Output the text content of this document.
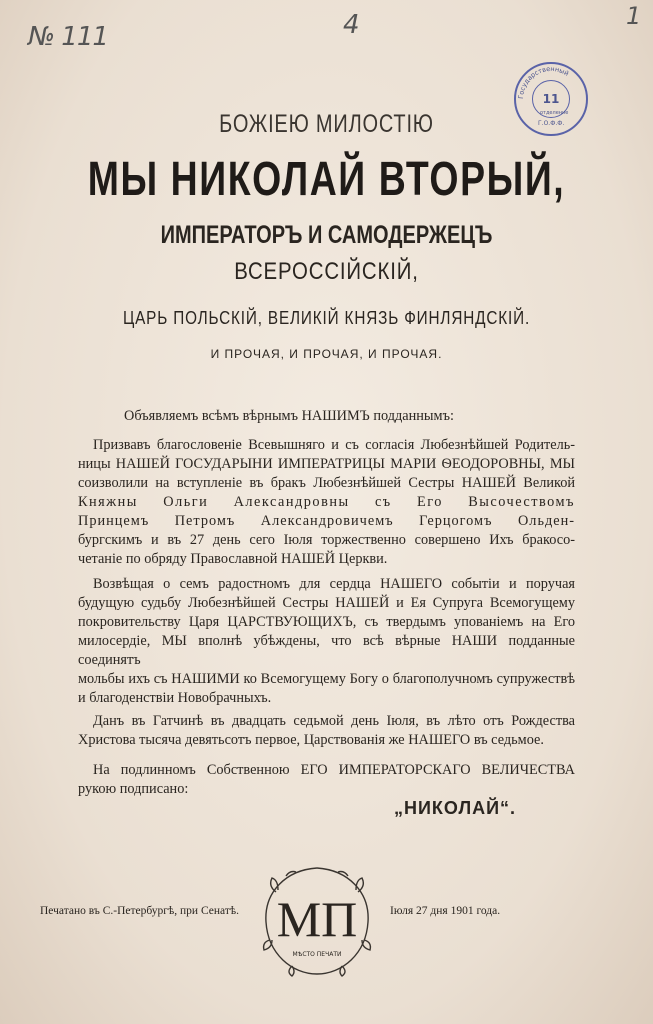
№ 111	4	1
Государственный
11
Г.О.Ф.Ф.
отделение
БОЖІЕЮ МИЛОСТІЮ
МЫ НИКОЛАЙ ВТОРЫЙ,
ИМПЕРАТОРЪ И САМОДЕРЖЕЦЪ
ВСЕРОССІЙСКІЙ,
ЦАРЬ ПОЛЬСКІЙ, ВЕЛИКІЙ КНЯЗЬ ФИНЛЯНДСКІЙ.
И ПРОЧАЯ, И ПРОЧАЯ, И ПРОЧАЯ.
Объявляемъ всѣмъ вѣрнымъ НАШИМЪ подданнымъ:
Призвавъ благословеніе Всевышняго и съ согласія Любезнѣйшей Родитель-
ницы НАШЕЙ ГОСУДАРЫНИ ИМПЕРАТРИЦЫ МАРІИ ѲЕОДОРОВНЫ, МЫ
соизволили на вступленіе въ бракъ Любезнѣйшей Сестры НАШЕЙ Великой
Княжны Ольги Александровны съ Его Высочествомъ
Принцемъ Петромъ Александровичемъ Герцогомъ Ольден-
бургскимъ и въ 27 день сего Іюля торжественно совершено Ихъ бракосо-
четаніе по обряду Православной НАШЕЙ Церкви.
Возвѣщая о семъ радостномъ для сердца НАШЕГО событіи и поручая
будущую судьбу Любезнѣйшей Сестры НАШЕЙ и Ея Супруга Всемогущему
покровительству Царя ЦАРСТВУЮЩИХЪ, съ твердымъ упованіемъ на Его
милосердіе, МЫ вполнѣ убѣждены, что всѣ вѣрные НАШИ подданные соединятъ
мольбы ихъ съ НАШИМИ ко Всемогущему Богу о благополучномъ супружествѣ
и благоденствіи Новобрачныхъ.
Данъ въ Гатчинѣ въ двадцать седьмой день Іюля, въ лѣто отъ Рождества
Христова тысяча девятьсотъ первое, Царствованія же НАШЕГО въ седьмое.
На подлинномъ Собственною ЕГО ИМПЕРАТОРСКАГО ВЕЛИЧЕСТВА
рукою подписано:
„НИКОЛАЙ“.
Печатано въ С.-Петербургѣ, при Сенатѣ. МП
МѢСТО ПЕЧАТИ
Іюля 27 дня 1901 года.
